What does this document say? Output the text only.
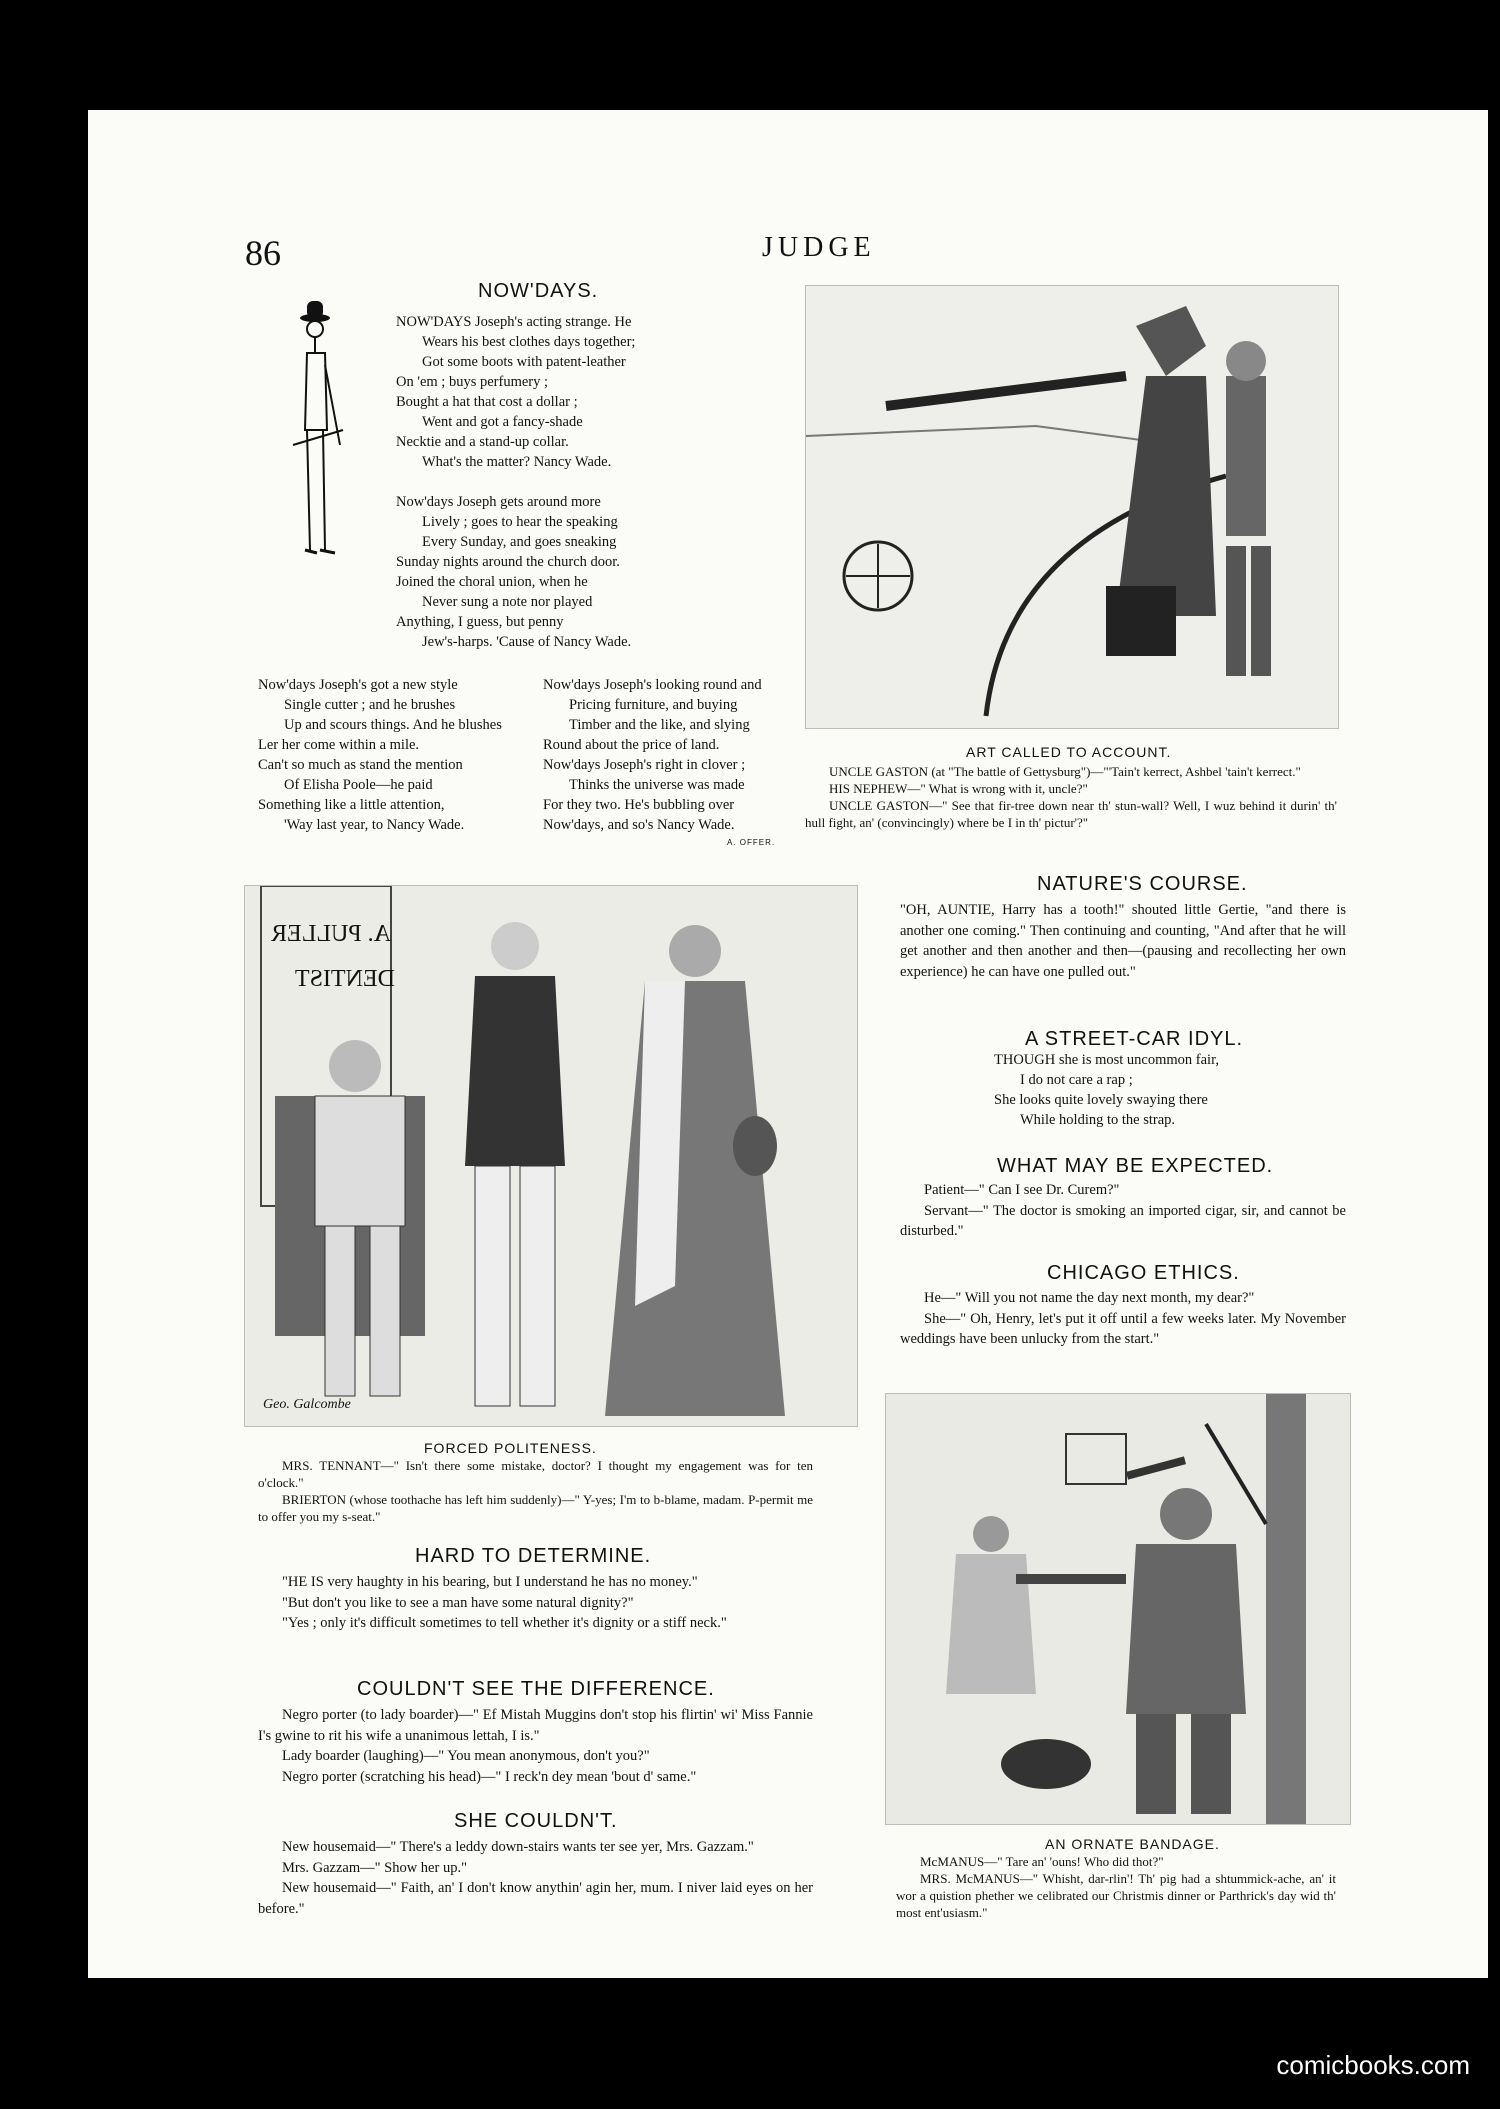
86	JUDGE
NOW'DAYS.
NOW'DAYS Joseph's acting strange. He
Wears his best clothes days together;
Got some boots with patent-leather
On 'em ; buys perfumery ;
Bought a hat that cost a dollar ;
Went and got a fancy-shade
Necktie and a stand-up collar.
What's the matter? Nancy Wade.
Now'days Joseph gets around more
Lively ; goes to hear the speaking
Every Sunday, and goes sneaking
Sunday nights around the church door.
Joined the choral union, when he
Never sung a note nor played
Anything, I guess, but penny
Jew's-harps. 'Cause of Nancy Wade.
Now'days Joseph's got a new style
Single cutter ; and he brushes
Up and scours things. And he blushes
Ler her come within a mile.
Can't so much as stand the mention
Of Elisha Poole—he paid
Something like a little attention,
'Way last year, to Nancy Wade.
Now'days Joseph's looking round and
Pricing furniture, and buying
Timber and the like, and slying
Round about the price of land.
Now'days Joseph's right in clover ;
Thinks the universe was made
For they two. He's bubbling over
Now'days, and so's Nancy Wade.
A. OFFER.
ART CALLED TO ACCOUNT.

UNCLE GASTON (at "The battle of Gettysburg")—"'Tain't kerrect, Ashbel 'tain't kerrect."

HIS NEPHEW—" What is wrong with it, uncle?"

UNCLE GASTON—" See that fir-tree down near th' stun-wall? Well, I wuz behind it durin' th' hull fight, an' (convincingly) where be I in th' pictur'?"

A. PULLER
DENTIST
Geo. Galcombe
FORCED POLITENESS.

MRS. TENNANT—" Isn't there some mistake, doctor? I thought my engagement was for ten o'clock."

BRIERTON (whose toothache has left him suddenly)—" Y-yes; I'm to b-blame, madam. P-permit me to offer you my s-seat."

NATURE'S COURSE.
"OH, AUNTIE, Harry has a tooth!" shouted little Gertie, "and there is another one coming." Then continuing and counting, "And after that he will get another and then another and then—(pausing and recollecting her own experience) he can have one pulled out."
A STREET-CAR IDYL.
THOUGH she is most uncommon fair,
I do not care a rap ;
She looks quite lovely swaying there
While holding to the strap.
WHAT MAY BE EXPECTED.

Patient—" Can I see Dr. Curem?"

Servant—" The doctor is smoking an imported cigar, sir, and cannot be disturbed."

CHICAGO ETHICS.

He—" Will you not name the day next month, my dear?"

She—" Oh, Henry, let's put it off until a few weeks later. My November weddings have been unlucky from the start."

HARD TO DETERMINE.

"HE IS very haughty in his bearing, but I understand he has no money."

"But don't you like to see a man have some natural dignity?"

"Yes ; only it's difficult sometimes to tell whether it's dignity or a stiff neck."

COULDN'T SEE THE DIFFERENCE.

Negro porter (to lady boarder)—" Ef Mistah Muggins don't stop his flirtin' wi' Miss Fannie I's gwine to rit his wife a unanimous lettah, I is."

Lady boarder (laughing)—" You mean anonymous, don't you?"

Negro porter (scratching his head)—" I reck'n dey mean 'bout d' same."

SHE COULDN'T.

New housemaid—" There's a leddy down-stairs wants ter see yer, Mrs. Gazzam."

Mrs. Gazzam—" Show her up."

New housemaid—" Faith, an' I don't know anythin' agin her, mum. I niver laid eyes on her before."

AN ORNATE BANDAGE.

McMANUS—" Tare an' 'ouns! Who did thot?"

MRS. McMANUS—" Whisht, dar-rlin'! Th' pig had a shtummick-ache, an' it wor a quistion phether we celibrated our Christmis dinner or Parthrick's day wid th' most ent'usiasm."

comicbooks.com
